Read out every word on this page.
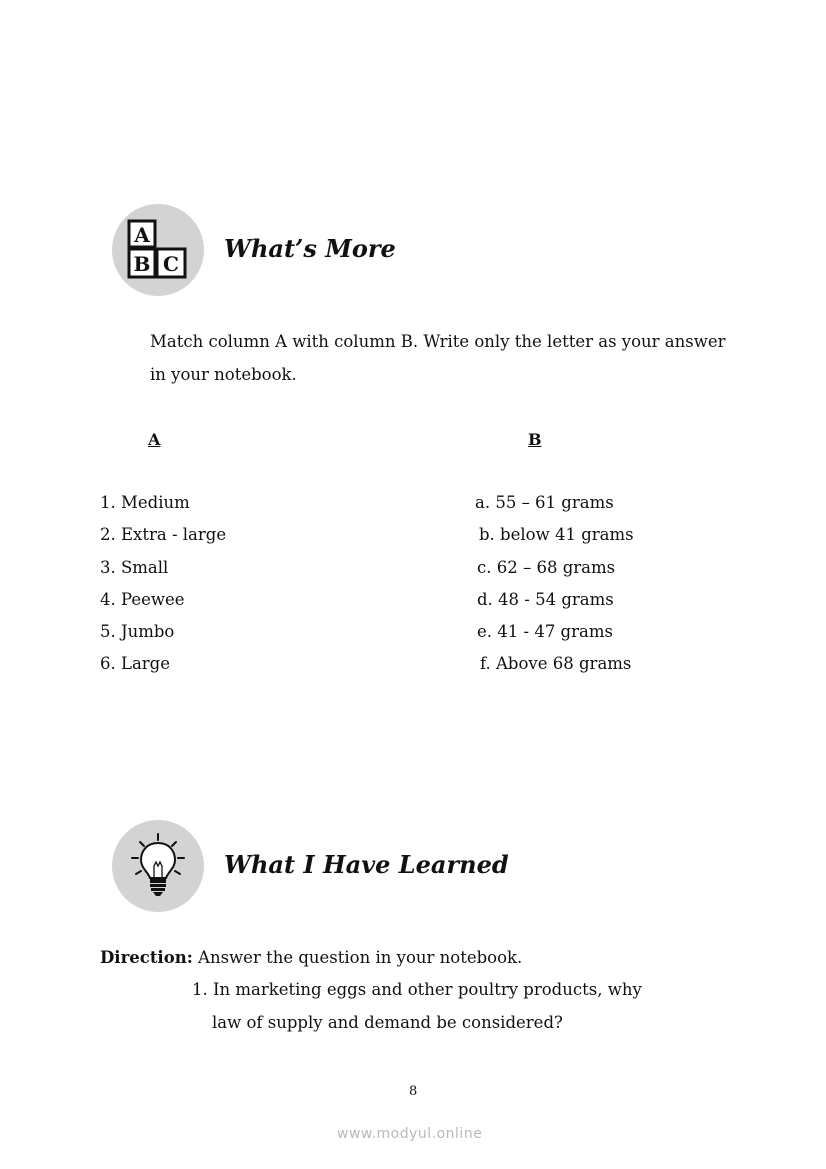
A
B C
What’s More
Match column A with column B. Write only the letter as your answer
in your notebook.
A	B
1. Medium
2. Extra - large
3. Small
4. Peewee
5. Jumbo
6. Large
a. 55 – 61 grams
b. below 41 grams
c. 62 – 68 grams
d. 48 - 54 grams
e. 41 - 47 grams
f. Above 68 grams
What I Have Learned
Direction: Answer the question in your notebook.
1. In marketing eggs and other poultry products, why
law of supply and demand be considered?
8
www.modyul.online
